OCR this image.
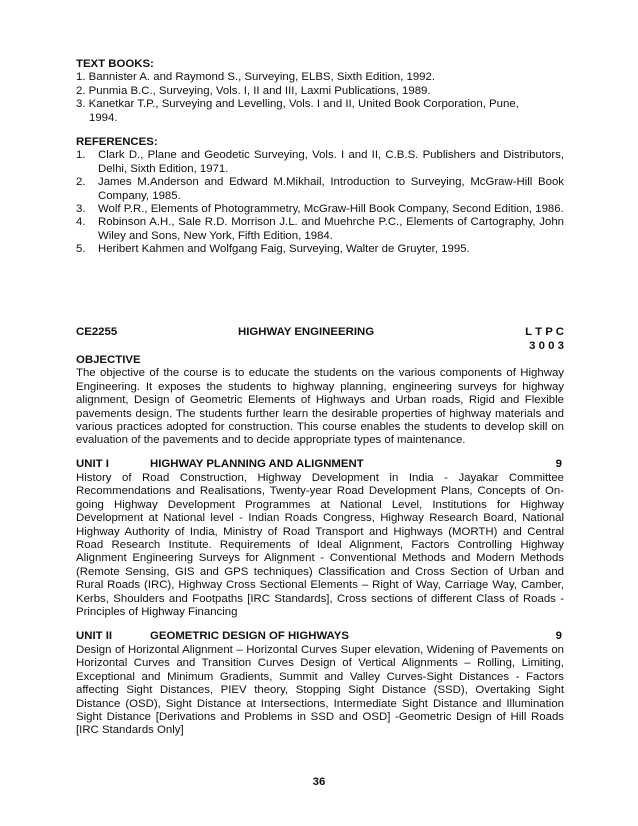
TEXT BOOKS:

1. Bannister A. and Raymond S., Surveying, ELBS, Sixth Edition, 1992.
2. Punmia B.C., Surveying, Vols. I, II and III, Laxmi Publications, 1989.
3. Kanetkar T.P., Surveying and Levelling, Vols. I and II, United Book Corporation, Pune,
1994.

REFERENCES:

1. Clark D., Plane and Geodetic Surveying, Vols. I and II, C.B.S. Publishers and Distributors, Delhi, Sixth Edition, 1971.
2. James M.Anderson and Edward M.Mikhail, Introduction to Surveying, McGraw-Hill Book Company, 1985.
3. Wolf P.R., Elements of Photogrammetry, McGraw-Hill Book Company, Second Edition, 1986.
4. Robinson A.H., Sale R.D. Morrison J.L. and Muehrche P.C., Elements of Cartography, John Wiley and Sons, New York, Fifth Edition, 1984.
5. Heribert Kahmen and Wolfgang Faig, Surveying, Walter de Gruyter, 1995.
CE2255	HIGHWAY ENGINEERING	L T P C
3 0 0 3

OBJECTIVE

The objective of the course is to educate the students on the various components of Highway Engineering. It exposes the students to highway planning, engineering surveys for highway alignment, Design of Geometric Elements of Highways and Urban roads, Rigid and Flexible pavements design. The students further learn the desirable properties of highway materials and various practices adopted for construction. This course enables the students to develop skill on evaluation of the pavements and to decide appropriate types of maintenance.

UNIT I	HIGHWAY PLANNING AND ALIGNMENT	9

History of Road Construction, Highway Development in India - Jayakar Committee Recommendations and Realisations, Twenty-year Road Development Plans, Concepts of On-going Highway Development Programmes at National Level, Institutions for Highway Development at National level - Indian Roads Congress, Highway Research Board, National Highway Authority of India, Ministry of Road Transport and Highways (MORTH) and Central Road Research Institute. Requirements of Ideal Alignment, Factors Controlling Highway Alignment Engineering Surveys for Alignment - Conventional Methods and Modern Methods (Remote Sensing, GIS and GPS techniques) Classification and Cross Section of Urban and Rural Roads (IRC), Highway Cross Sectional Elements – Right of Way, Carriage Way, Camber, Kerbs, Shoulders and Footpaths [IRC Standards], Cross sections of different Class of Roads - Principles of Highway Financing

UNIT II	GEOMETRIC DESIGN OF HIGHWAYS	9

Design of Horizontal Alignment – Horizontal Curves Super elevation, Widening of Pavements on Horizontal Curves and Transition Curves Design of Vertical Alignments – Rolling, Limiting, Exceptional and Minimum Gradients, Summit and Valley Curves-Sight Distances - Factors affecting Sight Distances, PIEV theory, Stopping Sight Distance (SSD), Overtaking Sight Distance (OSD), Sight Distance at Intersections, Intermediate Sight Distance and Illumination Sight Distance [Derivations and Problems in SSD and OSD] -Geometric Design of Hill Roads [IRC Standards Only]

36
